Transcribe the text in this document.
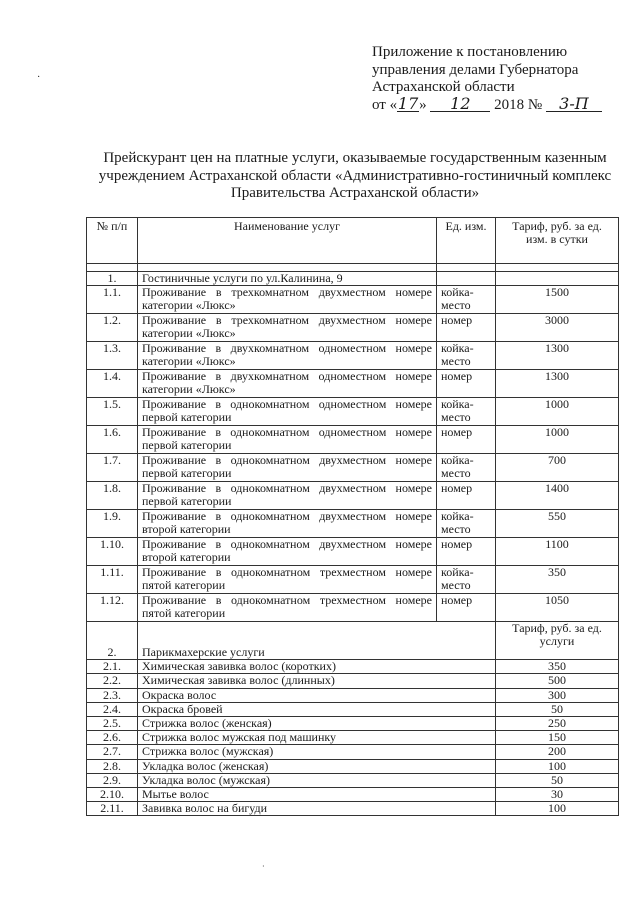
·
Приложение к постановлению
управления делами Губернатора
Астраханской области
от «17» 12 2018 № 3-П
Прейскурант цен на платные услуги, оказываемые государственным казенным
учреждением Астраханской области «Административно-гостиничный комплекс
Правительства Астраханской области»
№ п/п	Наименование услуг	Ед. изм.	Тариф, руб. за ед. изм. в сутки

1.	Гостиничные услуги по ул.Калинина, 9		
1.1.	Проживание в трехкомнатном двухместном номере категории «Люкс»	койка-место	1500
1.2.	Проживание в трехкомнатном двухместном номере категории «Люкс»	номер	3000
1.3.	Проживание в двухкомнатном одноместном номере категории «Люкс»	койка-место	1300
1.4.	Проживание в двухкомнатном одноместном номере категории «Люкс»	номер	1300
1.5.	Проживание в однокомнатном одноместном номере первой категории	койка-место	1000
1.6.	Проживание в однокомнатном одноместном номере первой категории	номер	1000
1.7.	Проживание в однокомнатном двухместном номере первой категории	койка-место	700
1.8.	Проживание в однокомнатном двухместном номере первой категории	номер	1400
1.9.	Проживание в однокомнатном двухместном номере второй категории	койка-место	550
1.10.	Проживание в однокомнатном двухместном номере второй категории	номер	1100
1.11.	Проживание в однокомнатном трехместном номере пятой категории	койка-место	350
1.12.	Проживание в однокомнатном трехместном номере пятой категории	номер	1050
2.	Парикмахерские услуги		Тариф, руб. за ед. услуги
2.1.	Химическая завивка волос (коротких)		350
2.2.	Химическая завивка волос (длинных)		500
2.3.	Окраска волос		300
2.4.	Окраска бровей		50
2.5.	Стрижка волос (женская)		250
2.6.	Стрижка волос мужская под машинку		150
2.7.	Стрижка волос (мужская)		200
2.8.	Укладка волос (женская)		100
2.9.	Укладка волос (мужская)		50
2.10.	Мытье волос		30
2.11.	Завивка волос на бигуди		100
·
